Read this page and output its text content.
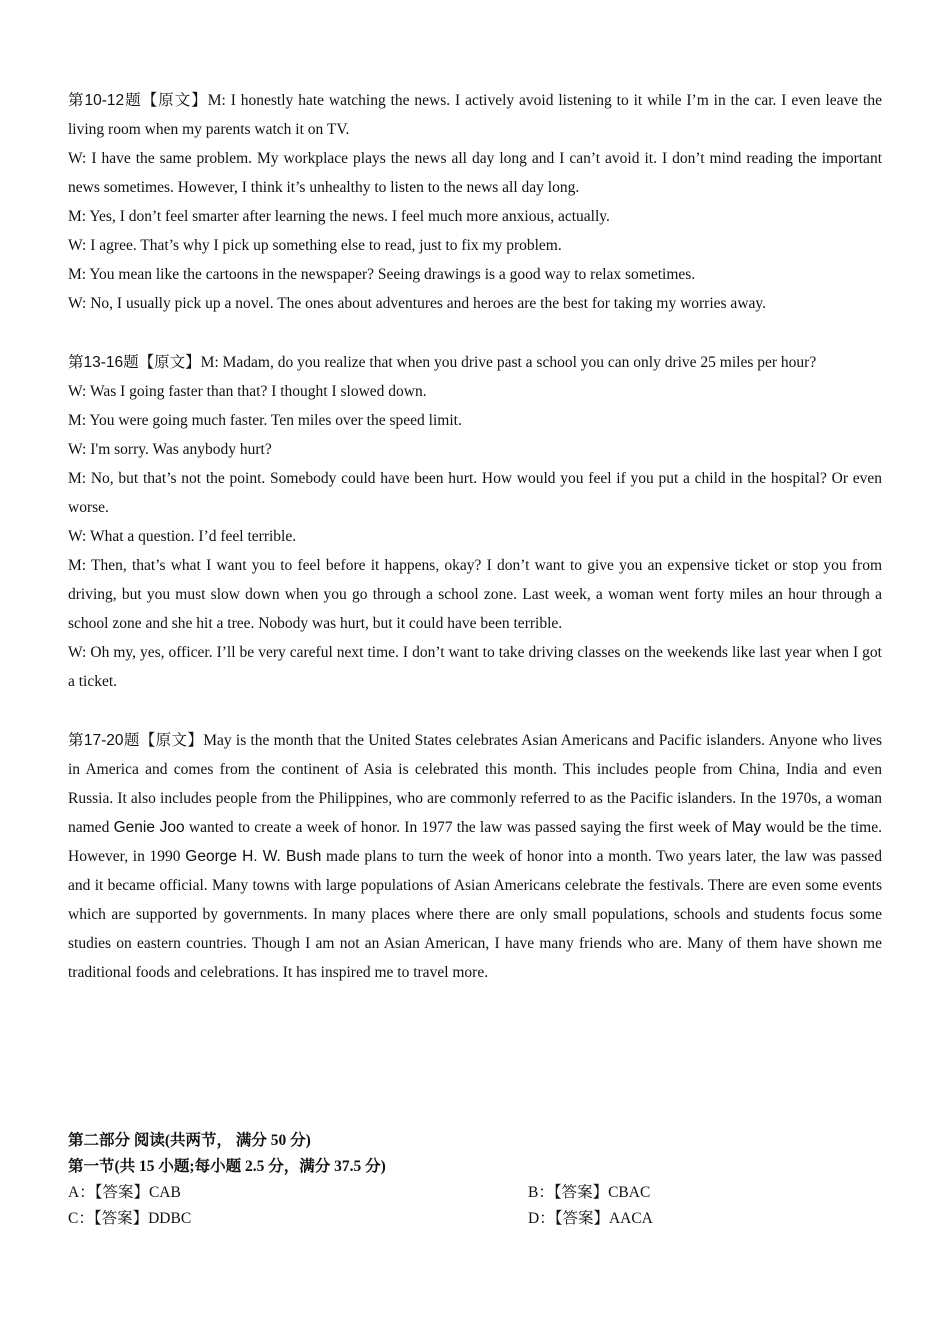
第10-12题【原文】M: I honestly hate watching the news. I actively avoid listening to it while I’m in the car. I even leave the living room when my parents watch it on TV.

W: I have the same problem. My workplace plays the news all day long and I can’t avoid it. I don’t mind reading the important news sometimes. However, I think it’s unhealthy to listen to the news all day long.

M: Yes, I don’t feel smarter after learning the news. I feel much more anxious, actually.

W: I agree. That’s why I pick up something else to read, just to fix my problem.

M: You mean like the cartoons in the newspaper? Seeing drawings is a good way to relax sometimes.

W: No, I usually pick up a novel. The ones about adventures and heroes are the best for taking my worries away.

第13-16题【原文】M: Madam, do you realize that when you drive past a school you can only drive 25 miles per hour?

W: Was I going faster than that? I thought I slowed down.

M: You were going much faster. Ten miles over the speed limit.

W: I'm sorry. Was anybody hurt?

M: No, but that’s not the point. Somebody could have been hurt. How would you feel if you put a child in the hospital? Or even worse.

W: What a question. I’d feel terrible.

M: Then, that’s what I want you to feel before it happens, okay? I don’t want to give you an expensive ticket or stop you from driving, but you must slow down when you go through a school zone. Last week, a woman went forty miles an hour through a school zone and she hit a tree. Nobody was hurt, but it could have been terrible.

W: Oh my, yes, officer. I’ll be very careful next time. I don’t want to take driving classes on the weekends like last year when I got a ticket.

第17-20题【原文】May is the month that the United States celebrates Asian Americans and Pacific islanders. Anyone who lives in America and comes from the continent of Asia is celebrated this month. This includes people from China, India and even Russia. It also includes people from the Philippines, who are commonly referred to as the Pacific islanders. In the 1970s, a woman named Genie Joo wanted to create a week of honor. In 1977 the law was passed saying the first week of May would be the time. However, in 1990 George H. W. Bush made plans to turn the week of honor into a month. Two years later, the law was passed and it became official. Many towns with large populations of Asian Americans celebrate the festivals. There are even some events which are supported by governments. In many places where there are only small populations, schools and students focus some studies on eastern countries. Though I am not an Asian American, I have many friends who are. Many of them have shown me traditional foods and celebrations. It has inspired me to travel more.

第二部分 阅读(共两节， 满分 50 分)
第一节(共 15 小题;每小题 2.5 分，满分 37.5 分)
A：【答案】CAB	B：【答案】CBAC
C：【答案】DDBC	D：【答案】AACA
